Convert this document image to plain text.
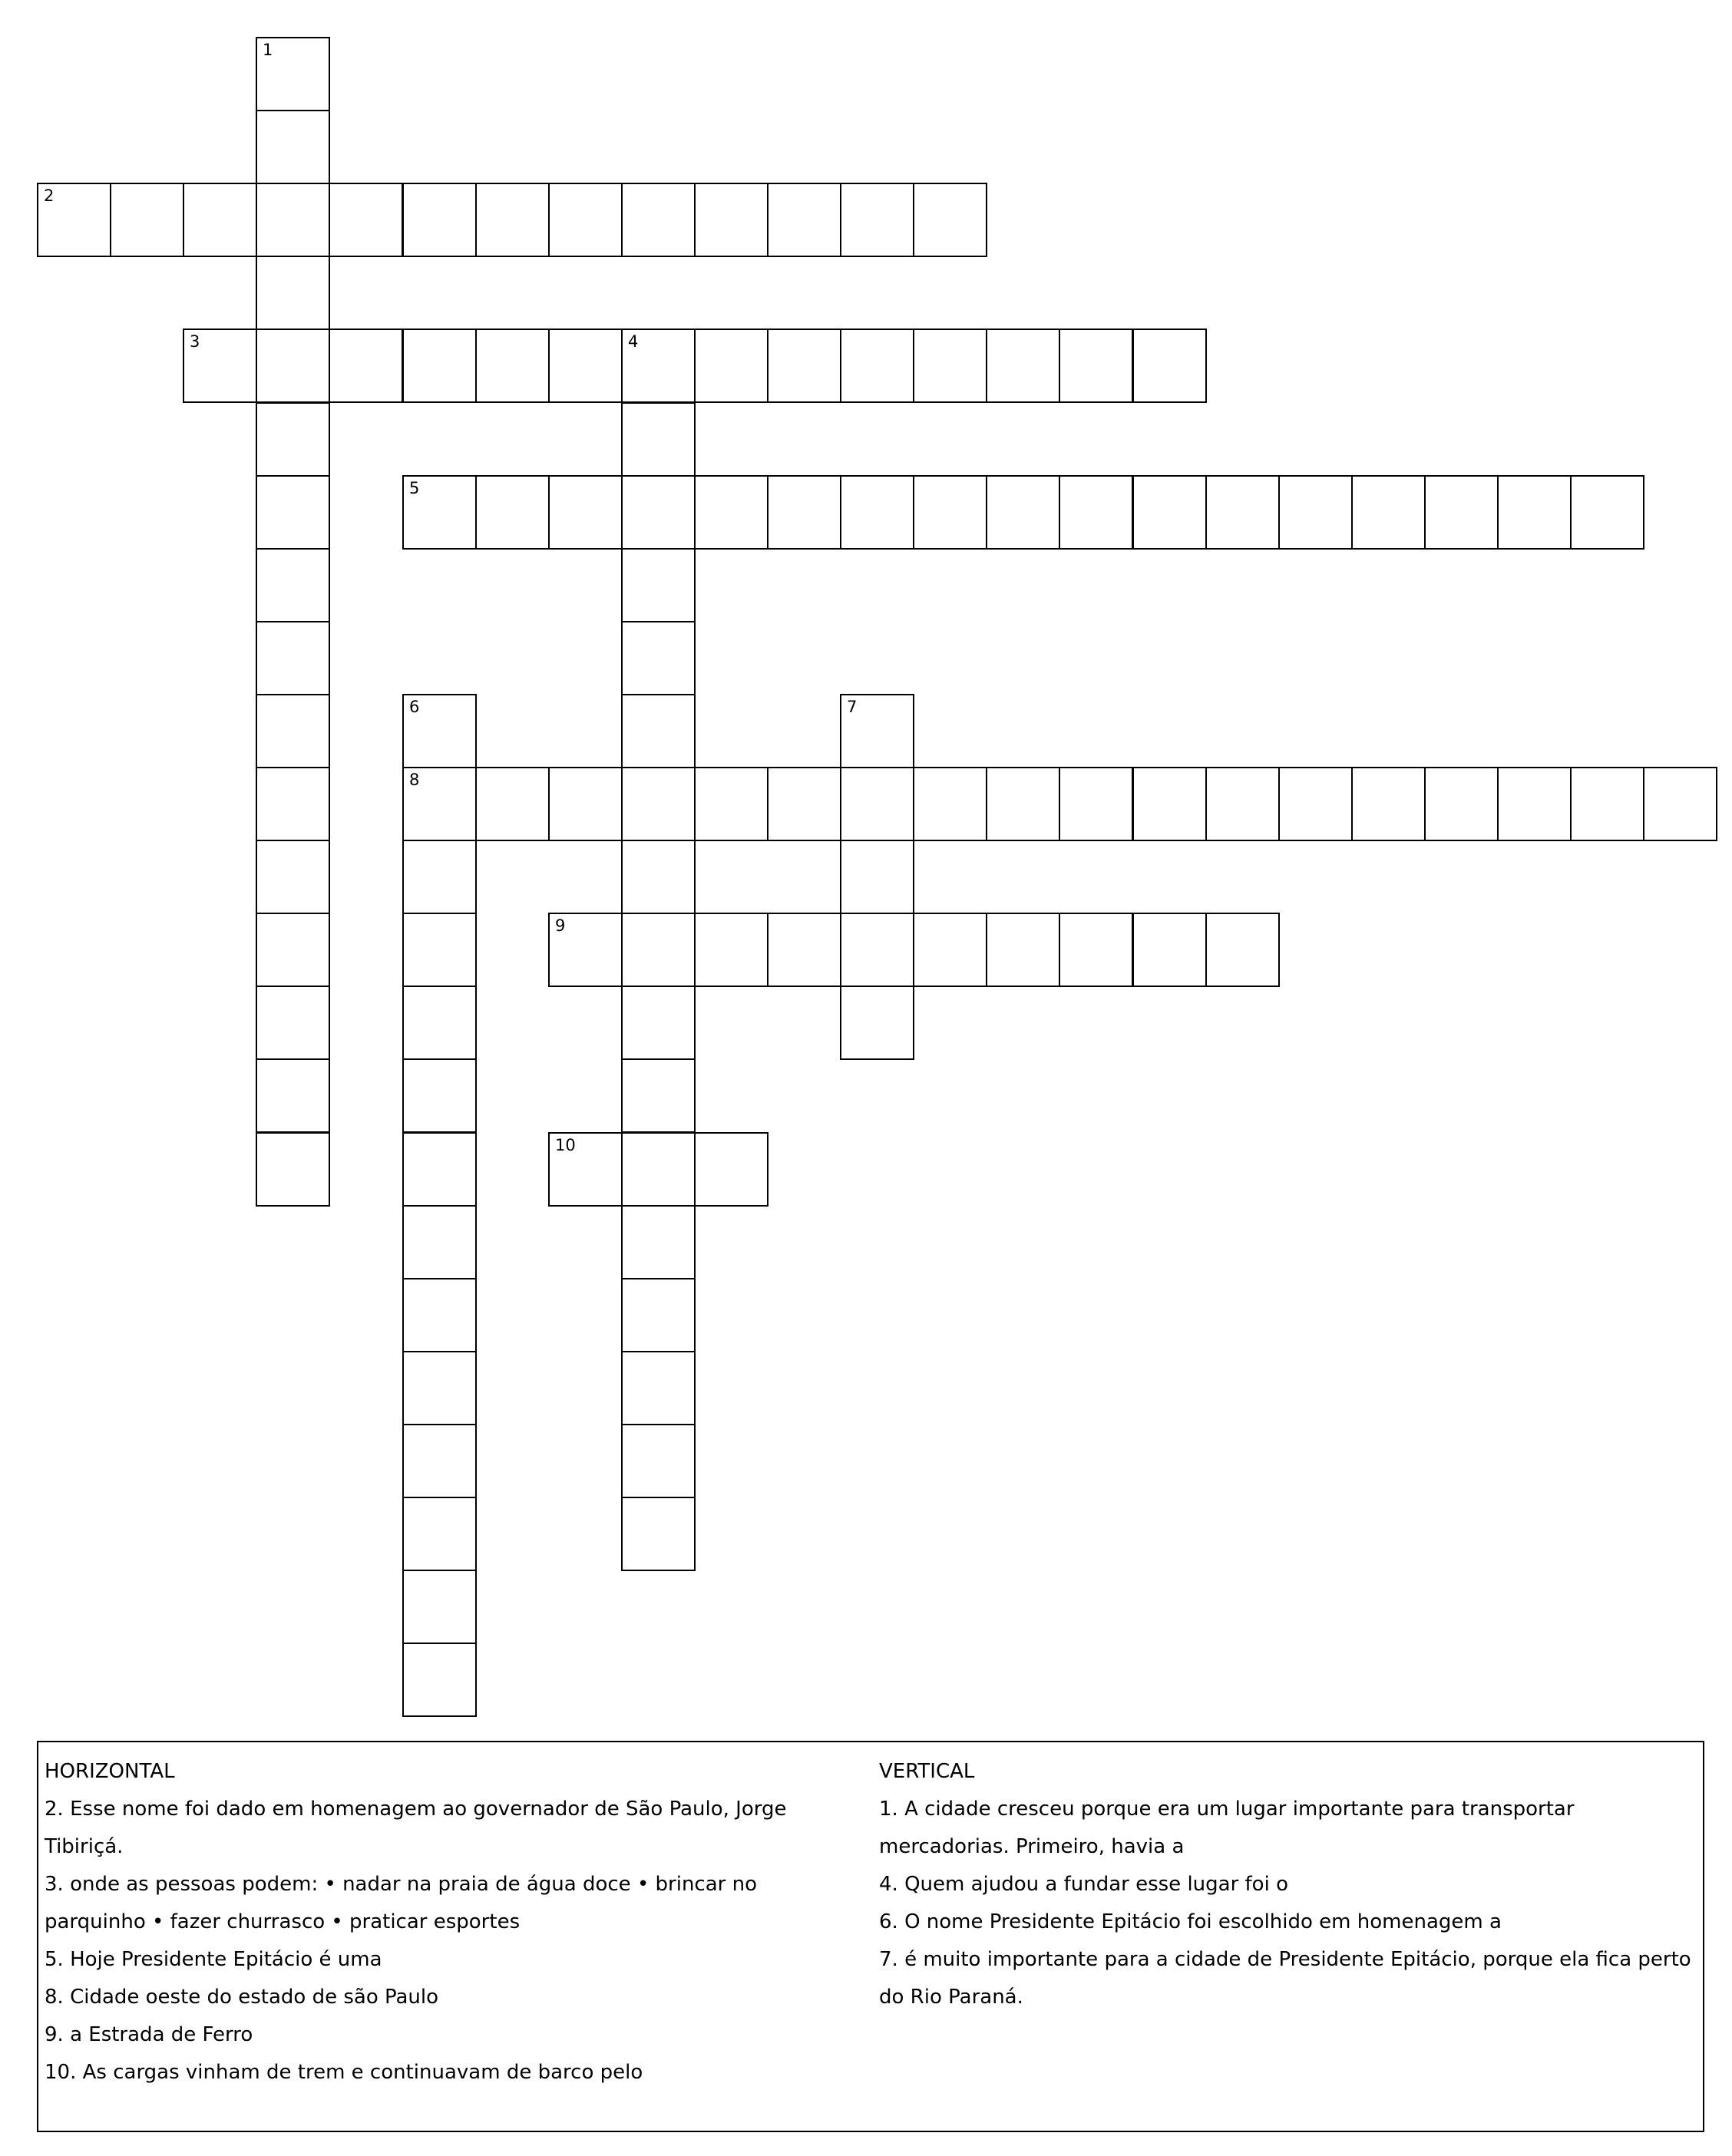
1
2
3	4
5
6
8
7
9
10
HORIZONTAL

2. Esse nome foi dado em homenagem ao governador de São Paulo, Jorge Tibiriçá.

3. onde as pessoas podem: • nadar na praia de água doce • brincar no parquinho • fazer churrasco • praticar esportes

5. Hoje Presidente Epitácio é uma

8. Cidade oeste do estado de são Paulo

9. a Estrada de Ferro

10. As cargas vinham de trem e continuavam de barco pelo

VERTICAL

1. A cidade cresceu porque era um lugar importante para transportar mercadorias. Primeiro, havia a

4. Quem ajudou a fundar esse lugar foi o

6. O nome Presidente Epitácio foi escolhido em homenagem a

7. é muito importante para a cidade de Presidente Epitácio, porque ela fica perto do Rio Paraná.
